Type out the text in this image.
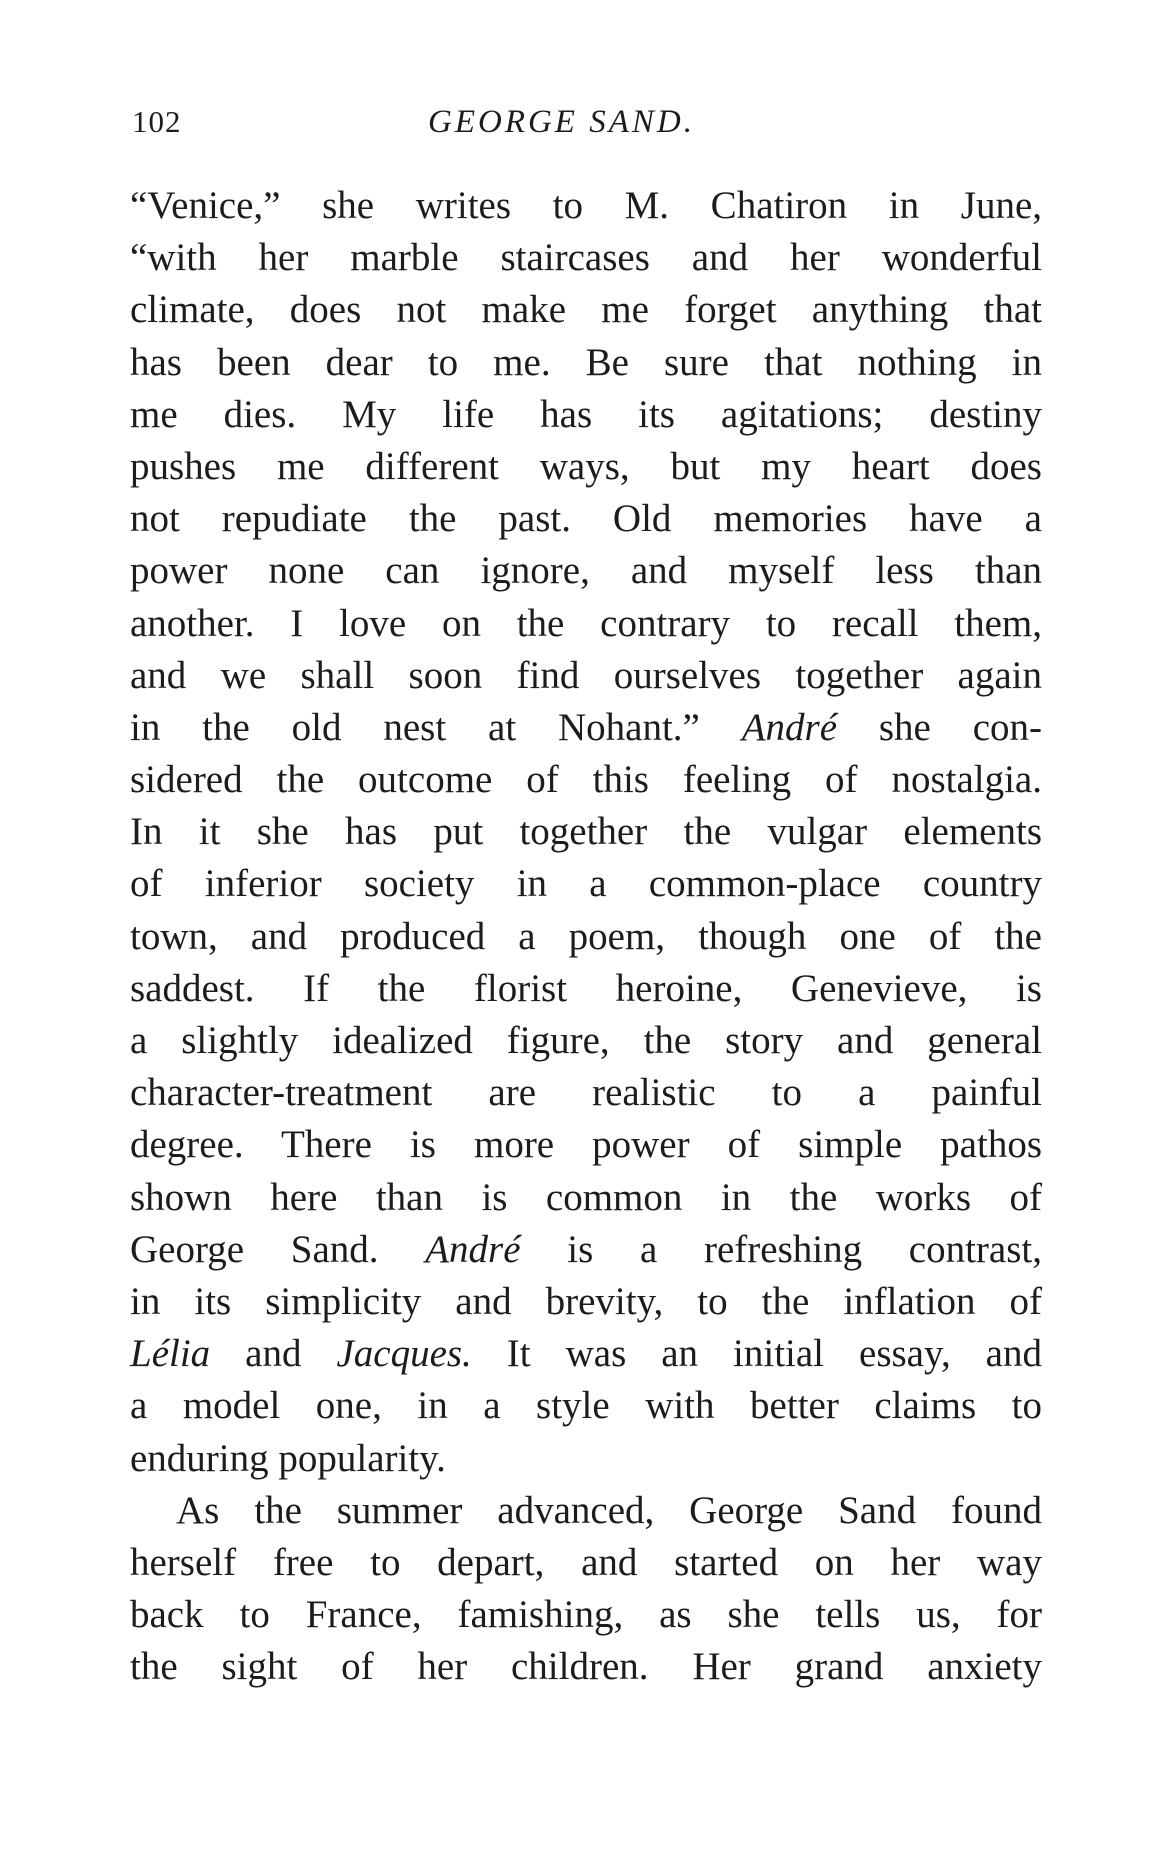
102	GEORGE SAND.
“Venice,” she writes to M. Chatiron in June,
“with her marble staircases and her wonderful
climate, does not make me forget anything that
has been dear to me. Be sure that nothing in
me dies. My life has its agitations; destiny
pushes me different ways, but my heart does
not repudiate the past. Old memories have a
power none can ignore, and myself less than
another. I love on the contrary to recall them,
and we shall soon find ourselves together again
in the old nest at Nohant.” André she con-
sidered the outcome of this feeling of nostalgia.
In it she has put together the vulgar elements
of inferior society in a common-place country
town, and produced a poem, though one of the
saddest. If the florist heroine, Genevieve, is
a slightly idealized figure, the story and general
character-treatment are realistic to a painful
degree. There is more power of simple pathos
shown here than is common in the works of
George Sand. André is a refreshing contrast,
in its simplicity and brevity, to the inflation of
Lélia and Jacques. It was an initial essay, and
a model one, in a style with better claims to
enduring popularity.
As the summer advanced, George Sand found
herself free to depart, and started on her way
back to France, famishing, as she tells us, for
the sight of her children. Her grand anxiety
